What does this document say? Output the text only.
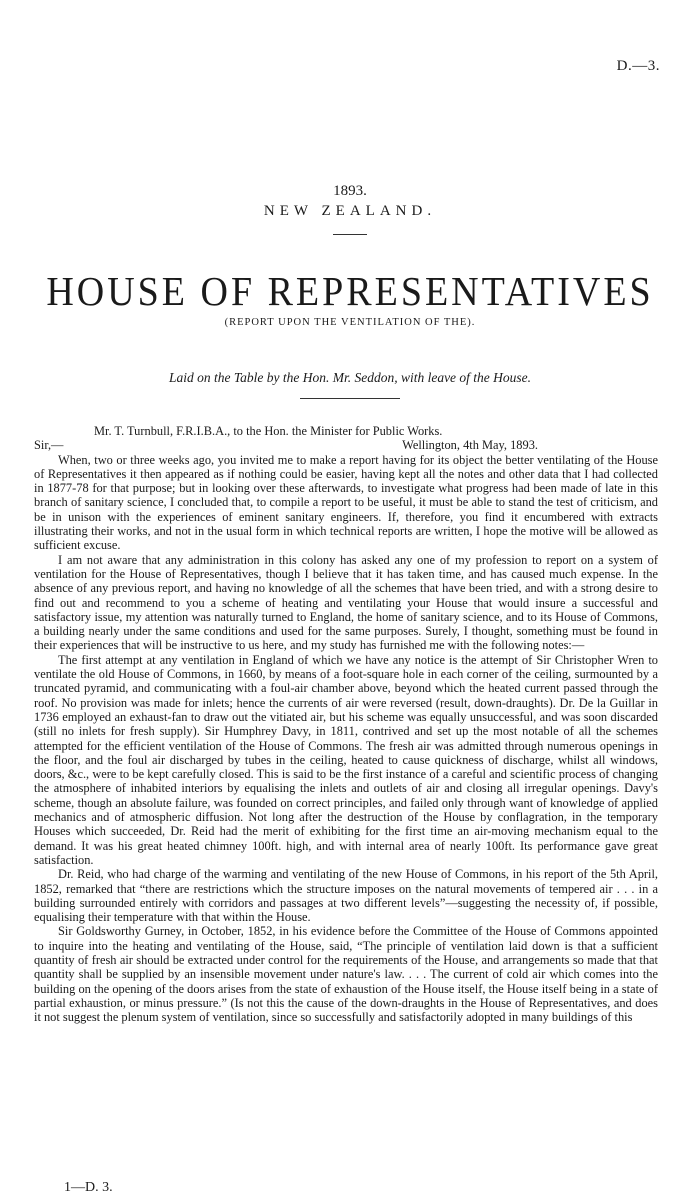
D.—3.
1893.
NEW ZEALAND.
HOUSE OF REPRESENTATIVES
(REPORT UPON THE VENTILATION OF THE).
Laid on the Table by the Hon. Mr. Seddon, with leave of the House.

Mr. T. Turnbull, F.R.I.B.A., to the Hon. the Minister for Public Works.

Sir,—	Wellington, 4th May, 1893.

When, two or three weeks ago, you invited me to make a report having for its object the better ventilating of the House of Representatives it then appeared as if nothing could be easier, having kept all the notes and other data that I had collected in 1877-78 for that purpose; but in looking over these afterwards, to investigate what progress had been made of late in this branch of sanitary science, I concluded that, to compile a report to be useful, it must be able to stand the test of criticism, and be in unison with the experiences of eminent sanitary engineers. If, therefore, you find it encumbered with extracts illustrating their works, and not in the usual form in which technical reports are written, I hope the motive will be allowed as sufficient excuse.

I am not aware that any administration in this colony has asked any one of my profession to report on a system of ventilation for the House of Representatives, though I believe that it has taken time, and has caused much expense. In the absence of any previous report, and having no knowledge of all the schemes that have been tried, and with a strong desire to find out and recommend to you a scheme of heating and ventilating your House that would insure a successful and satisfactory issue, my attention was naturally turned to England, the home of sanitary science, and to its House of Commons, a building nearly under the same conditions and used for the same purposes. Surely, I thought, something must be found in their experiences that will be instructive to us here, and my study has furnished me with the following notes:—

The first attempt at any ventilation in England of which we have any notice is the attempt of Sir Christopher Wren to ventilate the old House of Commons, in 1660, by means of a foot-square hole in each corner of the ceiling, surmounted by a truncated pyramid, and communicating with a foul-air chamber above, beyond which the heated current passed through the roof. No provision was made for inlets; hence the currents of air were reversed (result, down-draughts). Dr. De la Guillar in 1736 employed an exhaust-fan to draw out the vitiated air, but his scheme was equally unsuccessful, and was soon discarded (still no inlets for fresh supply). Sir Humphrey Davy, in 1811, contrived and set up the most notable of all the schemes attempted for the efficient ventilation of the House of Commons. The fresh air was admitted through numerous openings in the floor, and the foul air discharged by tubes in the ceiling, heated to cause quickness of discharge, whilst all windows, doors, &c., were to be kept carefully closed. This is said to be the first instance of a careful and scientific process of changing the atmosphere of inhabited interiors by equalising the inlets and outlets of air and closing all irregular openings. Davy's scheme, though an absolute failure, was founded on correct principles, and failed only through want of knowledge of applied mechanics and of atmospheric diffusion. Not long after the destruction of the House by conflagration, in the temporary Houses which succeeded, Dr. Reid had the merit of exhibiting for the first time an air-moving mechanism equal to the demand. It was his great heated chimney 100ft. high, and with internal area of nearly 100ft. Its performance gave great satisfaction.

Dr. Reid, who had charge of the warming and ventilating of the new House of Commons, in his report of the 5th April, 1852, remarked that “there are restrictions which the structure imposes on the natural movements of tempered air . . . in a building surrounded entirely with corridors and passages at two different levels”—suggesting the necessity of, if possible, equalising their temperature with that within the House.

Sir Goldsworthy Gurney, in October, 1852, in his evidence before the Committee of the House of Commons appointed to inquire into the heating and ventilating of the House, said, “The principle of ventilation laid down is that a sufficient quantity of fresh air should be extracted under control for the requirements of the House, and arrangements so made that that quantity shall be supplied by an insensible movement under nature's law. . . . The current of cold air which comes into the building on the opening of the doors arises from the state of exhaustion of the House itself, the House itself being in a state of partial exhaustion, or minus pressure.” (Is not this the cause of the down-draughts in the House of Representatives, and does it not suggest the plenum system of ventilation, since so successfully and satisfactorily adopted in many buildings of this

1—D. 3.
